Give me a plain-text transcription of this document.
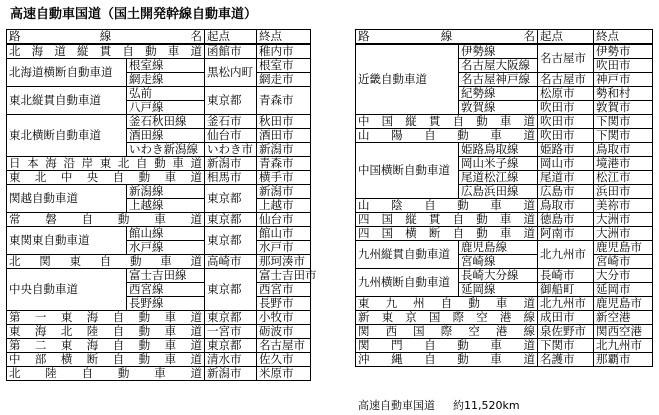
高速自動車国道（国土開発幹線自動車道）
路　線　名		起点	終点
北海道縦貫自動車道		函館市	稚内市
北海道横断自動車道	根室線	黒松内町	根室市
	網走線		網走市
東北縦貫自動車道	弘前	東京都	青森市
	八戸線		
東北横断自動車道	釜石秋田線	釜石市	秋田市
	酒田線	仙台市	酒田市
	いわき新潟線	いわき市	新潟市
日本海沿岸東北自動車道		新潟市	青森市
東北中央自動車道		相馬市	横手市
関越自動車道	新潟線	東京都	新潟市
	上越線		上越市
常磐自動車道		東京都	仙台市
東関東自動車道	館山線	東京都	館山市
	水戸線		水戸市
北関東自動車道		高崎市	那珂湊市
中央自動車道	富士吉田線	東京都	富士吉田市
	西宮線		西宮市
	長野線		長野市
第一東海自動車道		東京都	小牧市
東海北陸自動車道		一宮市	砺波市
第二東海自動車道		東京都	名古屋市
中部横断自動車道		清水市	佐久市
北陸自動車道		新潟市	米原市
路　線　名		起点	終点
近畿自動車道	伊勢線	名古屋市	伊勢市
	名古屋大阪線		吹田市
	名古屋神戸線	名古屋市	神戸市
	紀勢線	松原市	勢和村
	敦賀線	吹田市	敦賀市
中国縦貫自動車道		吹田市	下関市
山陽自動車道		吹田市	下関市
中国横断自動車道	姫路鳥取線	姫路市	鳥取市
	岡山米子線	岡山市	境港市
	尾道松江線	尾道市	松江市
	広島浜田線	広島市	浜田市
山陰自動車道		鳥取市	美祢市
四国縦貫自動車道		徳島市	大洲市
四国横断自動車道		阿南市	大洲市
九州縦貫自動車道	鹿児島線	北九州市	鹿児島市
	宮崎線		宮崎市
九州横断自動車道	長崎大分線	長崎市	大分市
	延岡線	御船町	延岡市
東九州自動車道		北九州市	鹿児島市
新東京国際空港線		成田市	新空港
関西国際空港線		泉佐野市	関西空港
関門自動車道		下関市	北九州市
沖縄自動車道		名護市	那覇市
高速自動車国道 約11,520km
